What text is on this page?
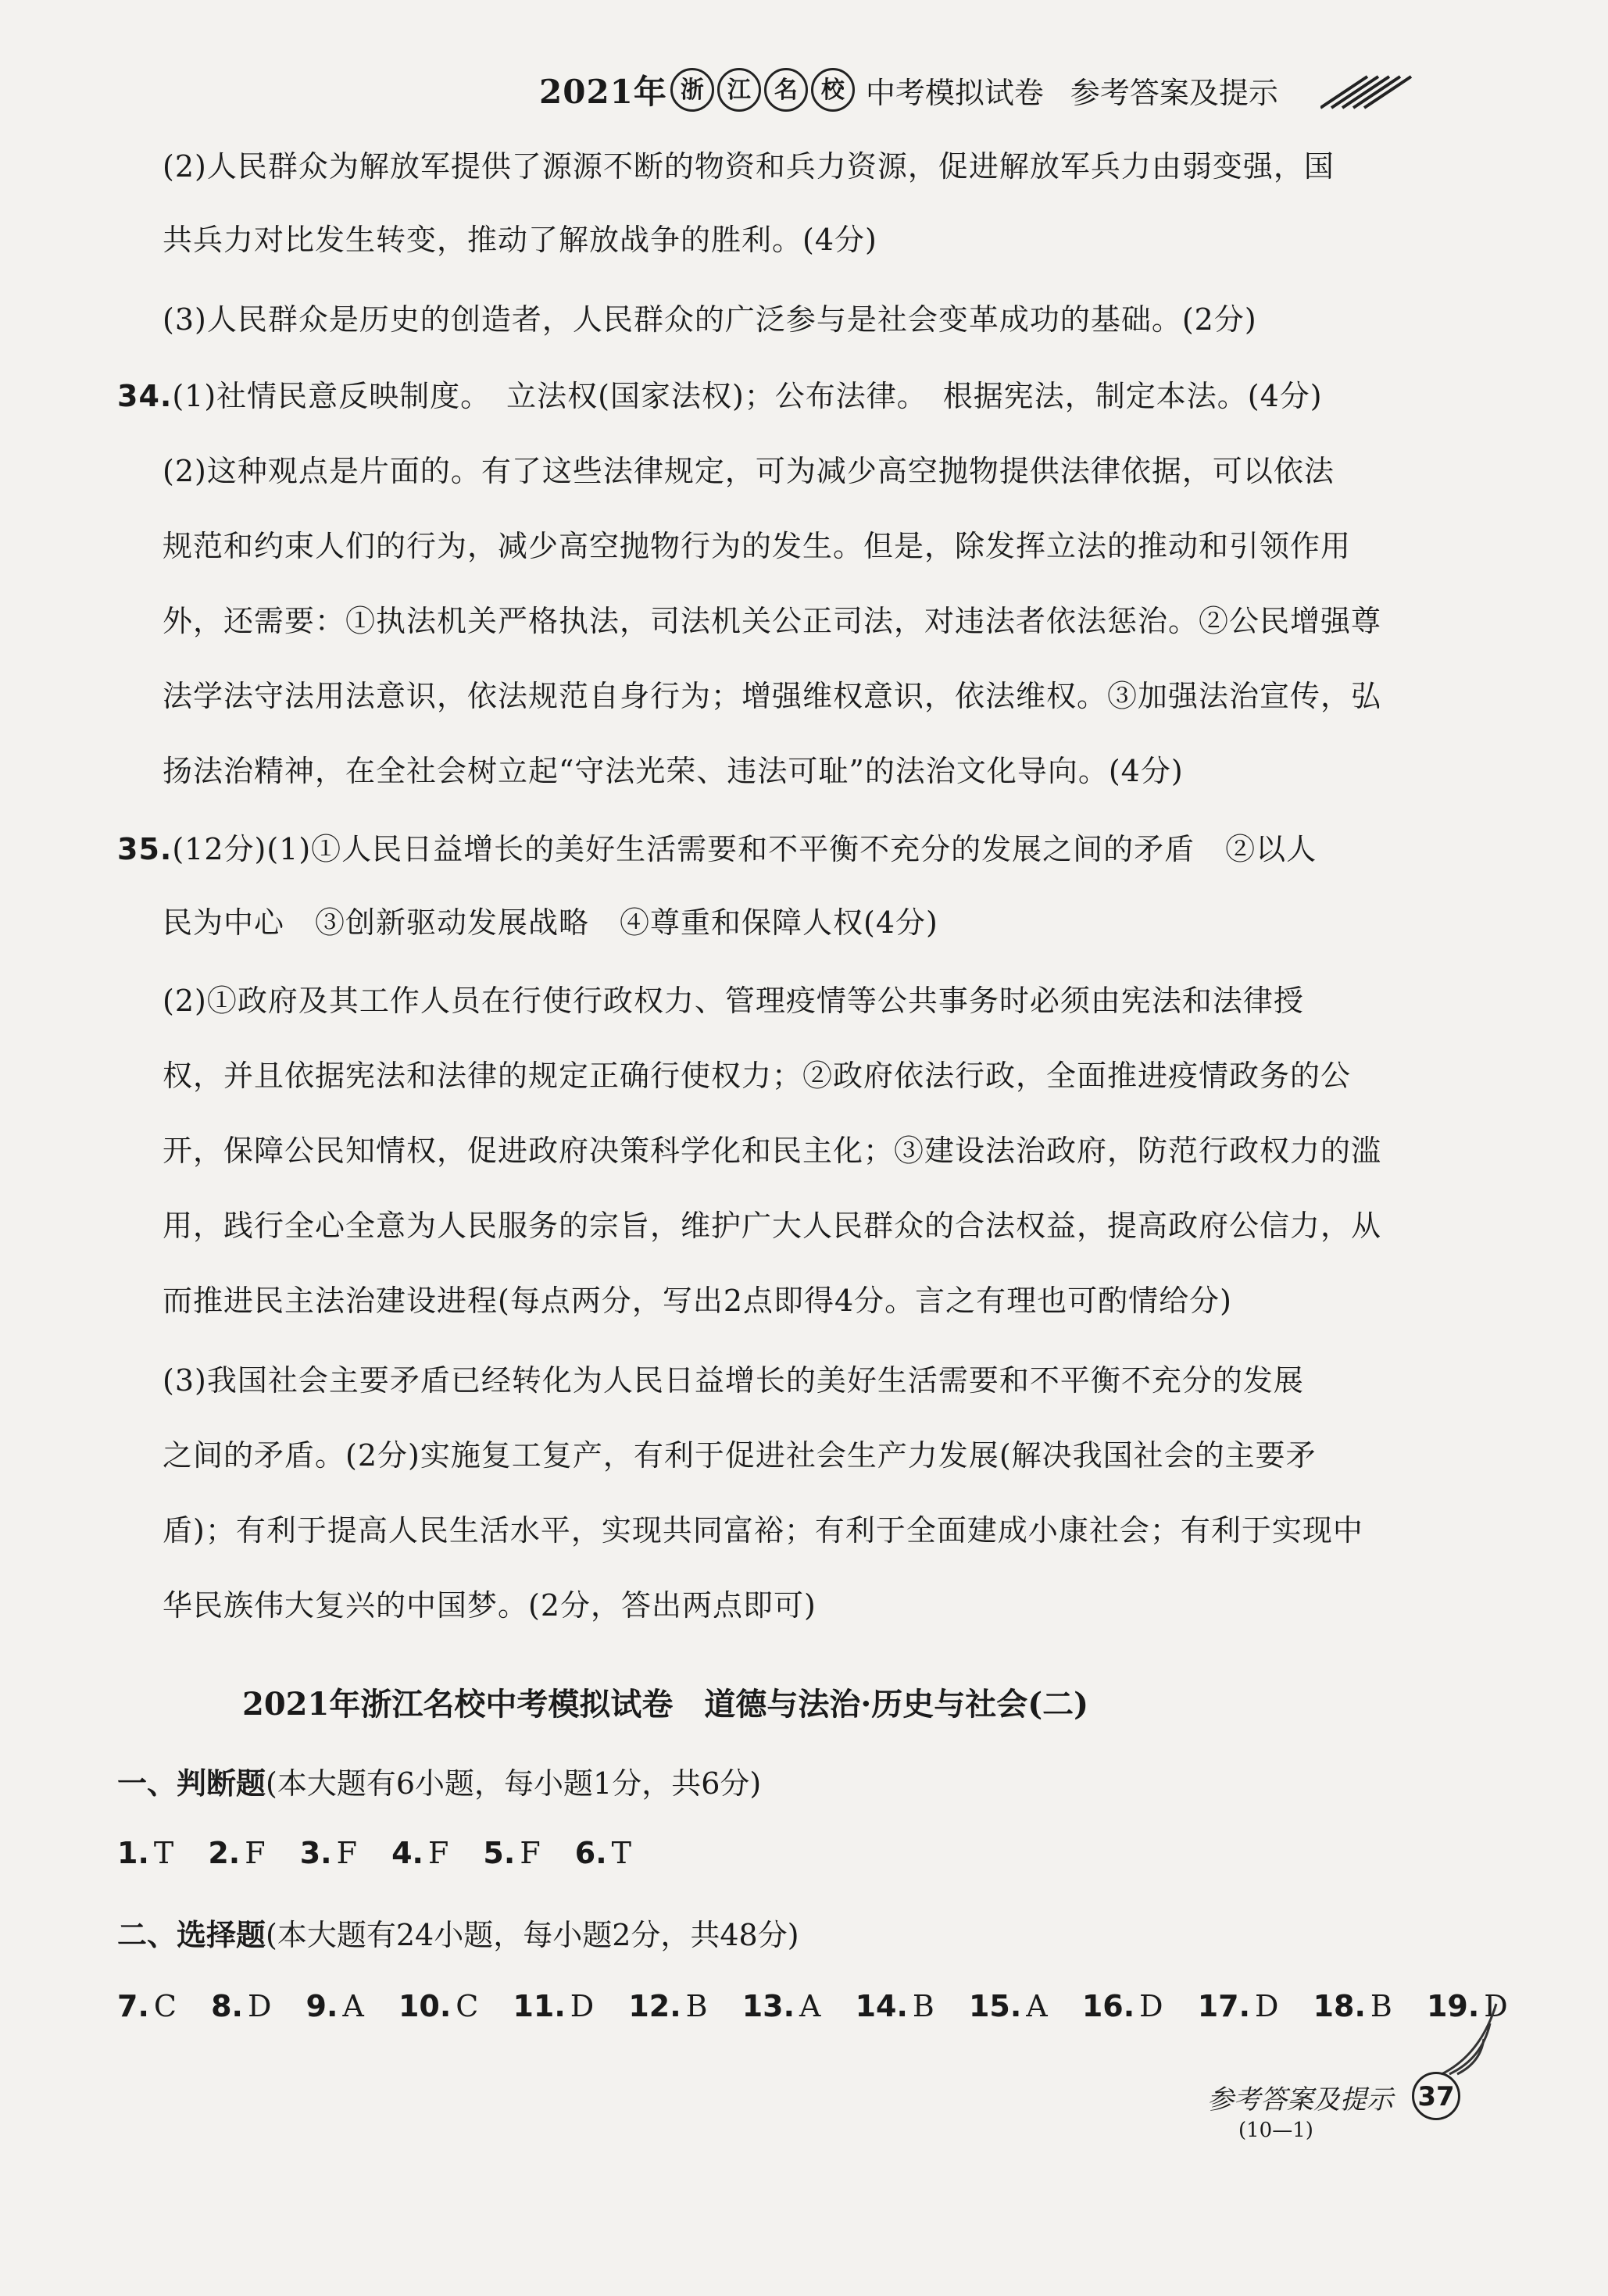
2021年 浙	江	名	校 中考模拟试卷 参考答案及提示
(2)人民群众为解放军提供了源源不断的物资和兵力资源，促进解放军兵力由弱变强，国
共兵力对比发生转变，推动了解放战争的胜利。(4分)
(3)人民群众是历史的创造者，人民群众的广泛参与是社会变革成功的基础。(2分)
34.(1)社情民意反映制度。　立法权(国家法权)；公布法律。　根据宪法，制定本法。(4分)
(2)这种观点是片面的。有了这些法律规定，可为减少高空抛物提供法律依据，可以依法
规范和约束人们的行为，减少高空抛物行为的发生。但是，除发挥立法的推动和引领作用
外，还需要：①执法机关严格执法，司法机关公正司法，对违法者依法惩治。②公民增强尊
法学法守法用法意识，依法规范自身行为；增强维权意识，依法维权。③加强法治宣传，弘
扬法治精神，在全社会树立起“守法光荣、违法可耻”的法治文化导向。(4分)
35.(12分)(1)①人民日益增长的美好生活需要和不平衡不充分的发展之间的矛盾　②以人
民为中心　③创新驱动发展战略　④尊重和保障人权(4分)
(2)①政府及其工作人员在行使行政权力、管理疫情等公共事务时必须由宪法和法律授
权，并且依据宪法和法律的规定正确行使权力；②政府依法行政，全面推进疫情政务的公
开，保障公民知情权，促进政府决策科学化和民主化；③建设法治政府，防范行政权力的滥
用，践行全心全意为人民服务的宗旨，维护广大人民群众的合法权益，提高政府公信力，从
而推进民主法治建设进程(每点两分，写出2点即得4分。言之有理也可酌情给分)
(3)我国社会主要矛盾已经转化为人民日益增长的美好生活需要和不平衡不充分的发展
之间的矛盾。(2分)实施复工复产，有利于促进社会生产力发展(解决我国社会的主要矛
盾)；有利于提高人民生活水平，实现共同富裕；有利于全面建成小康社会；有利于实现中
华民族伟大复兴的中国梦。(2分，答出两点即可)
2021年浙江名校中考模拟试卷　道德与法治·历史与社会(二)
一、判断题(本大题有6小题，每小题1分，共6分)
1. T 2. F 3. F 4. F 5. F 6. T
二、选择题(本大题有24小题，每小题2分，共48分)
7. C 8. D 9. A 10. C 11. D 12. B 13. A 14. B 15. A 16. D 17. D 18. B 19. D
参考答案及提示 37
(10—1)
